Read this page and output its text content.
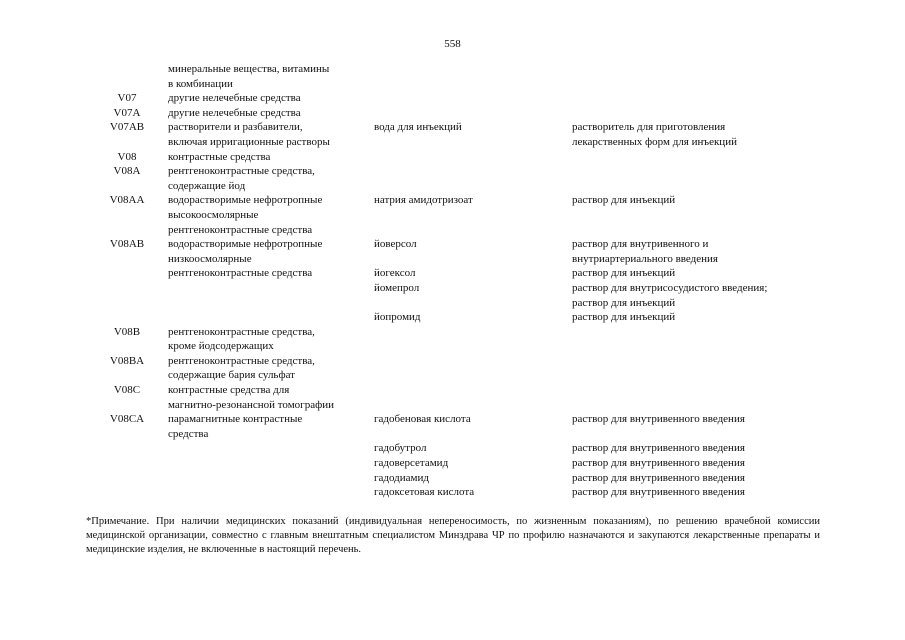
558

	минеральные вещества, витамины
в комбинации		

V07	другие нелечебные средства		

V07A	другие нелечебные средства		

V07AB	растворители и разбавители,
включая ирригационные растворы	вода для инъекций	растворитель для приготовления
лекарственных форм для инъекций

V08	контрастные средства		

V08A	рентгеноконтрастные средства,
содержащие йод		

V08AA	водорастворимые нефротропные
высокоосмолярные
рентгеноконтрастные средства	натрия амидотризоат	раствор для инъекций

V08AB	водорастворимые нефротропные
низкоосмолярные	йоверсол	раствор для внутривенного и
внутриартериального введения

	рентгеноконтрастные средства	йогексол	раствор для инъекций

		йомепрол	раствор для внутрисосудистого введения;
раствор для инъекций

		йопромид	раствор для инъекций

V08B	рентгеноконтрастные средства,
кроме йодсодержащих		

V08BA	рентгеноконтрастные средства,
содержащие бария сульфат		

V08C	контрастные средства для
магнитно-резонансной томографии		

V08CA	парамагнитные контрастные
средства	гадобеновая кислота	раствор для внутривенного введения

		гадобутрол	раствор для внутривенного введения

		гадоверсетамид	раствор для внутривенного введения

		гадодиамид	раствор для внутривенного введения

		гадоксетовая кислота	раствор для внутривенного введения

*Примечание. При наличии медицинских показаний (индивидуальная непереносимость, по жизненным показаниям), по решению врачебной комиссии медицинской организации, совместно с главным внештатным специалистом Минздрава ЧР по профилю назначаются и закупаются лекарственные препараты и медицинские изделия, не включенные в настоящий перечень.
